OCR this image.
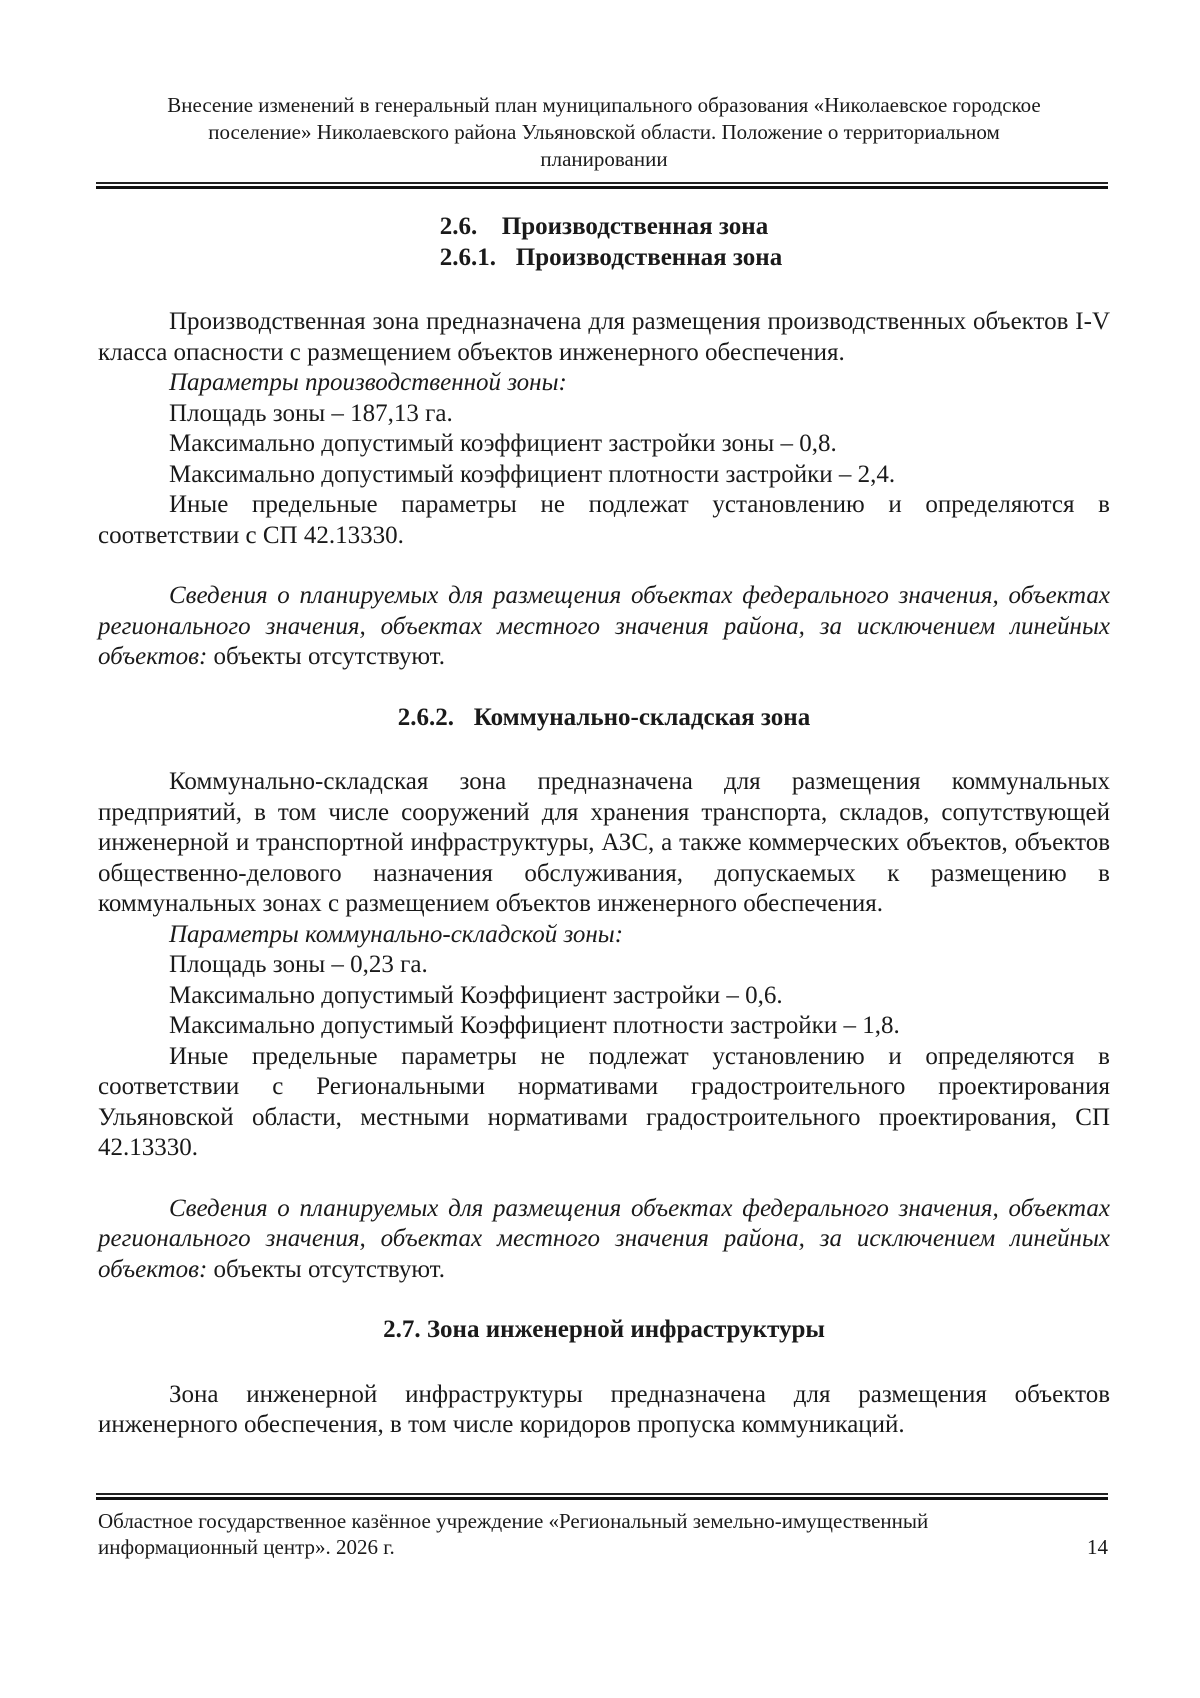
Внесение изменений в генеральный план муниципального образования «Николаевское городское
поселение» Николаевского района Ульяновской области. Положение о территориальном
планировании
2.6. Производственная зона
2.6.1. Производственная зона

Производственная зона предназначена для размещения производственных объектов I-V класса опасности с размещением объектов инженерного обеспечения.

Параметры производственной зоны:
Площадь зоны – 187,13 га.
Максимально допустимый коэффициент застройки зоны – 0,8.
Максимально допустимый коэффициент плотности застройки – 2,4.

Иные предельные параметры не подлежат установлению и определяются в соответствии с СП 42.13330.

Сведения о планируемых для размещения объектах федерального значения, объектах регионального значения, объектах местного значения района, за исключением линейных объектов: объекты отсутствуют.

2.6.2. Коммунально-складская зона

Коммунально-складская зона предназначена для размещения коммунальных предприятий, в том числе сооружений для хранения транспорта, складов, сопутствующей инженерной и транспортной инфраструктуры, АЗС, а также коммерческих объектов, объектов общественно-делового назначения обслуживания, допускаемых к размещению в коммунальных зонах с размещением объектов инженерного обеспечения.

Параметры коммунально-складской зоны:
Площадь зоны – 0,23 га.
Максимально допустимый Коэффициент застройки – 0,6.
Максимально допустимый Коэффициент плотности застройки – 1,8.

Иные предельные параметры не подлежат установлению и определяются в соответствии с Региональными нормативами градостроительного проектирования Ульяновской области, местными нормативами градостроительного проектирования, СП 42.13330.

Сведения о планируемых для размещения объектах федерального значения, объектах регионального значения, объектах местного значения района, за исключением линейных объектов: объекты отсутствуют.

2.7. Зона инженерной инфраструктуры

Зона инженерной инфраструктуры предназначена для размещения объектов инженерного обеспечения, в том числе коридоров пропуска коммуникаций.

Областное государственное казённое учреждение «Региональный земельно-имущественный
информационный центр». 2026 г.	14
